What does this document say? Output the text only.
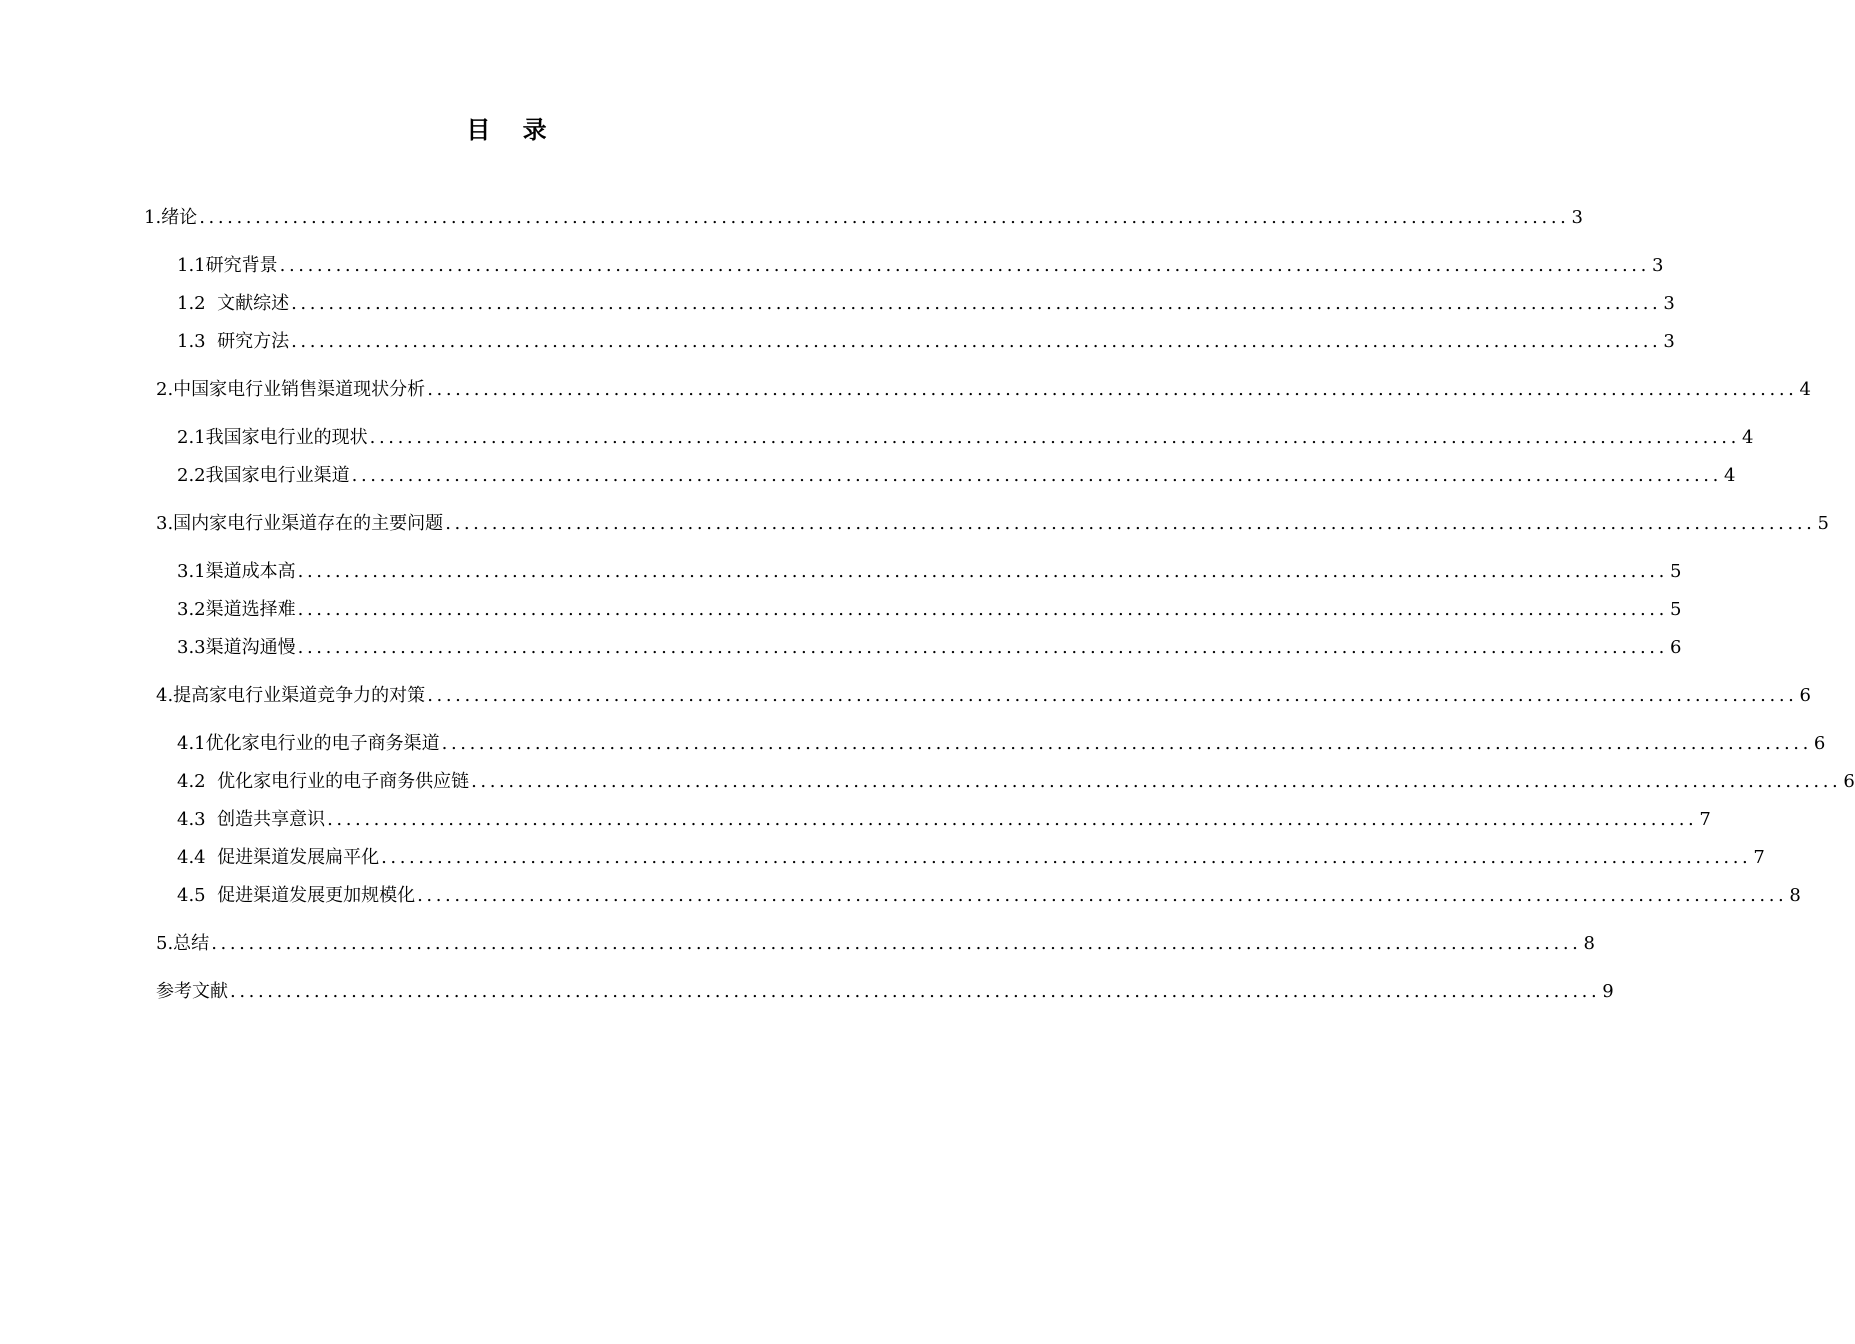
目 录
1.绪论 ................................................................................................................................................... 3
1.1研究背景 ................................................................................................................................................... 3
1.2  文献综述 ................................................................................................................................................... 3
1.3  研究方法 ................................................................................................................................................... 3
2.中国家电行业销售渠道现状分析 ................................................................................................................................................... 4
2.1我国家电行业的现状 ................................................................................................................................................... 4
2.2我国家电行业渠道 ................................................................................................................................................... 4
3.国内家电行业渠道存在的主要问题 ................................................................................................................................................... 5
3.1渠道成本高 ................................................................................................................................................... 5
3.2渠道选择难 ................................................................................................................................................... 5
3.3渠道沟通慢 ................................................................................................................................................... 6
4.提高家电行业渠道竞争力的对策 ................................................................................................................................................... 6
4.1优化家电行业的电子商务渠道 ................................................................................................................................................... 6
4.2  优化家电行业的电子商务供应链 ................................................................................................................................................... 6
4.3  创造共享意识 ................................................................................................................................................... 7
4.4  促进渠道发展扁平化 ................................................................................................................................................... 7
4.5  促进渠道发展更加规模化 ................................................................................................................................................... 8
5.总结 ................................................................................................................................................... 8
参考文献 ................................................................................................................................................... 9
